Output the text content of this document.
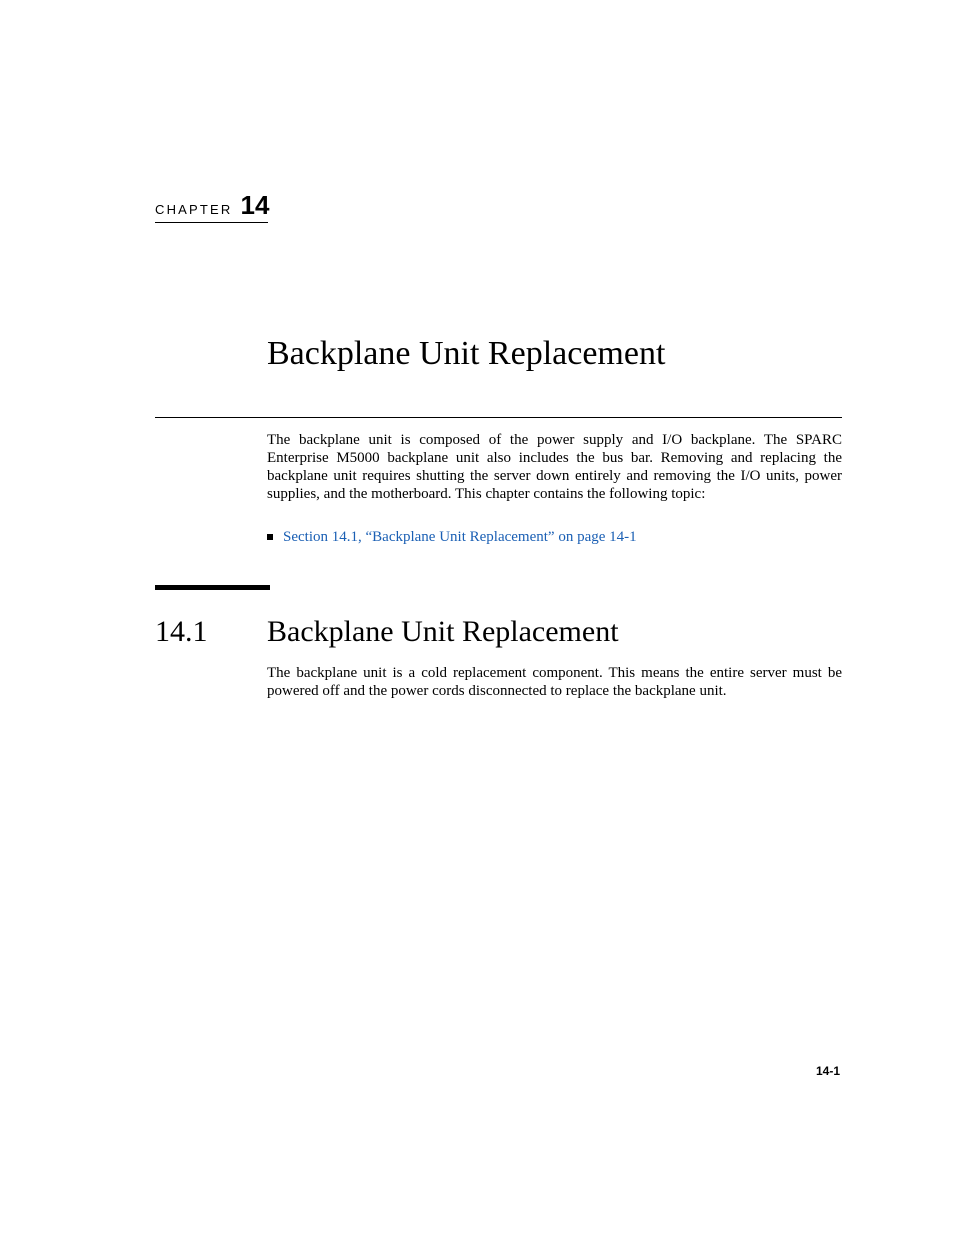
CHAPTER 14
Backplane Unit Replacement

The backplane unit is composed of the power supply and I/O backplane. The SPARC Enterprise M5000 backplane unit also includes the bus bar. Removing and replacing the backplane unit requires shutting the server down entirely and removing the I/O units, power supplies, and the motherboard. This chapter contains the following topic:

Section 14.1, “Backplane Unit Replacement” on page 14-1
14.1 Backplane Unit Replacement

The backplane unit is a cold replacement component. This means the entire server must be powered off and the power cords disconnected to replace the backplane unit.

14-1
